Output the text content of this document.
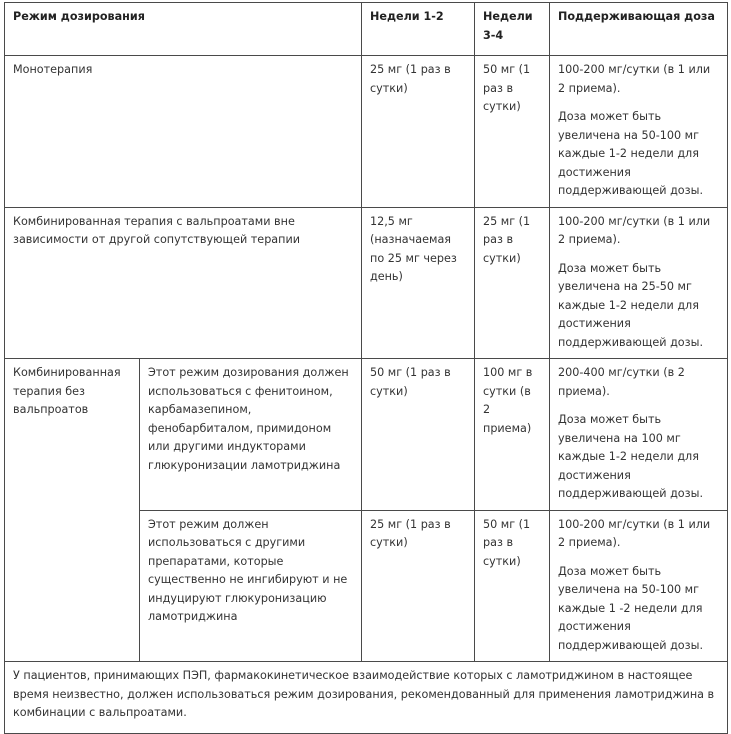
Режим дозирования		Недели 1-2	Недели 3-4	Поддерживающая доза
Монотерапия		25 мг (1 раз в сутки)	50 мг (1 раз в сутки)	100-200 мг/сутки (в 1 или 2 приема).

Доза может быть увеличена на 50-100 мг каждые 1-2 недели для достижения поддерживающей дозы.

Комбинированная терапия с вальпроатами вне зависимости от другой сопутствующей терапии		12,5 мг (назначаемая по 25 мг через день)	25 мг (1 раз в сутки)	100-200 мг/сутки (в 1 или 2 приема).

Доза может быть увеличена на 25-50 мг каждые 1-2 недели для достижения поддерживающей дозы.

Комбинированная терапия без вальпроатов	Этот режим дозирования должен использоваться с фенитоином, карбамазепином, фенобарбиталом, примидоном или другими индукторами глюкуронизации ламотриджина	50 мг (1 раз в сутки)	100 мг в сутки (в 2 приема)	200-400 мг/сутки (в 2 приема).

Доза может быть увеличена на 100 мг каждые 1-2 недели для достижения поддерживающей дозы.

	Этот режим должен использоваться с другими препаратами, которые существенно не ингибируют и не индуцируют глюкуронизацию ламотриджина	25 мг (1 раз в сутки)	50 мг (1 раз в сутки)	100-200 мг/сутки (в 1 или 2 приема).

Доза может быть увеличена на 50-100 мг каждые 1 -2 недели для достижения поддерживающей дозы.

У пациентов, принимающих ПЭП, фармакокинетическое взаимодействие которых с ламотриджином в настоящее время неизвестно, должен использоваться режим дозирования, рекомендованный для применения ламотриджина в комбинации с вальпроатами.				
